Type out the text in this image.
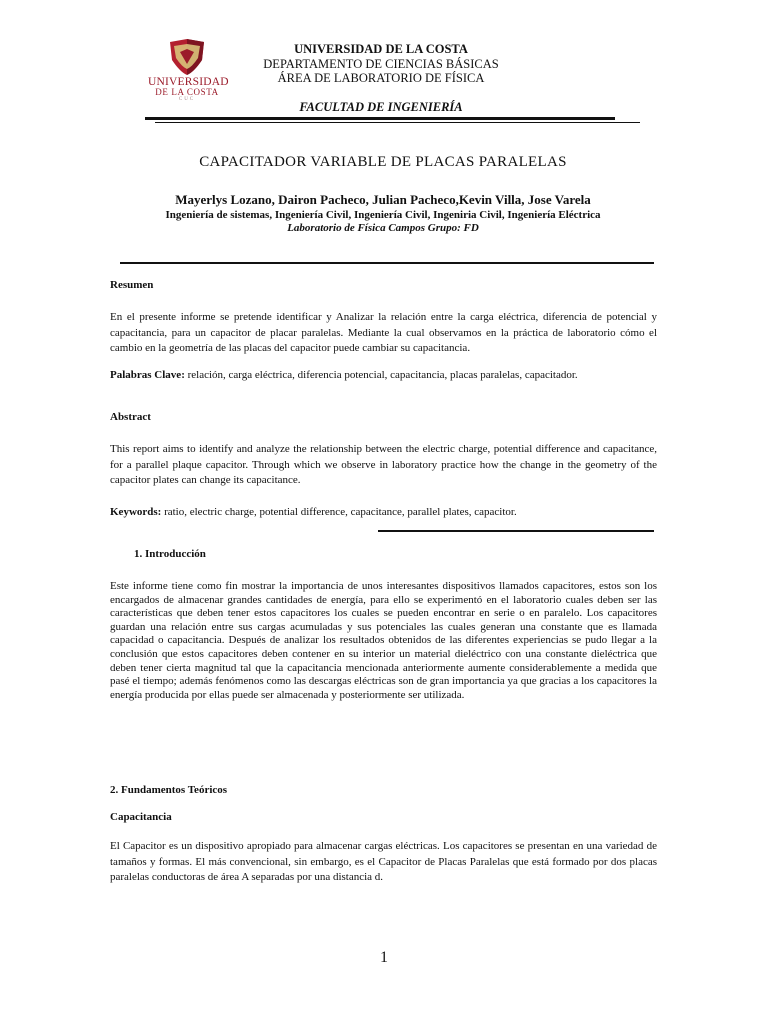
UNIVERSIDAD
DE LA COSTA
CUC
UNIVERSIDAD DE LA COSTA
DEPARTAMENTO DE CIENCIAS BÁSICAS
ÁREA DE LABORATORIO DE FÍSICA
FACULTAD DE INGENIERÍA
CAPACITADOR VARIABLE DE PLACAS PARALELAS
Mayerlys Lozano, Dairon Pacheco, Julian Pacheco,Kevin Villa, Jose Varela
Ingeniería de sistemas, Ingeniería Civil, Ingeniería Civil, Ingeniria Civil, Ingeniería Eléctrica
Laboratorio de Física Campos Grupo: FD
Resumen
En el presente informe se pretende identificar y Analizar la relación entre la carga eléctrica, diferencia de potencial y capacitancia, para un capacitor de placar paralelas. Mediante la cual observamos en la práctica de laboratorio cómo el cambio en la geometría de las placas del capacitor puede cambiar su capacitancia.
Palabras Clave: relación, carga eléctrica, diferencia potencial, capacitancia, placas paralelas, capacitador.
Abstract
This report aims to identify and analyze the relationship between the electric charge, potential difference and capacitance, for a parallel plaque capacitor. Through which we observe in laboratory practice how the change in the geometry of the capacitor plates can change its capacitance.
Keywords: ratio, electric charge, potential difference, capacitance, parallel plates, capacitor.
1. Introducción
Este informe tiene como fin mostrar la importancia de unos interesantes dispositivos llamados capacitores, estos son los encargados de almacenar grandes cantidades de energía, para ello se experimentó en el laboratorio cuales deben ser las características que deben tener estos capacitores los cuales se pueden encontrar en serie o en paralelo. Los capacitores guardan una relación entre sus cargas acumuladas y sus potenciales las cuales generan una constante que es llamada capacidad o capacitancia. Después de analizar los resultados obtenidos de las diferentes experiencias se pudo llegar a la conclusión que estos capacitores deben contener en su interior un material dieléctrico con una constante dieléctrica que deben tener cierta magnitud tal que la capacitancia mencionada anteriormente aumente considerablemente a medida que pasé el tiempo; además fenómenos como las descargas eléctricas son de gran importancia ya que gracias a los capacitores la energía producida por ellas puede ser almacenada y posteriormente ser utilizada.
2. Fundamentos Teóricos
Capacitancia
El Capacitor es un dispositivo apropiado para almacenar cargas eléctricas. Los capacitores se presentan en una variedad de tamaños y formas. El más convencional, sin embargo, es el Capacitor de Placas Paralelas que está formado por dos placas paralelas conductoras de área A separadas por una distancia d.
1
